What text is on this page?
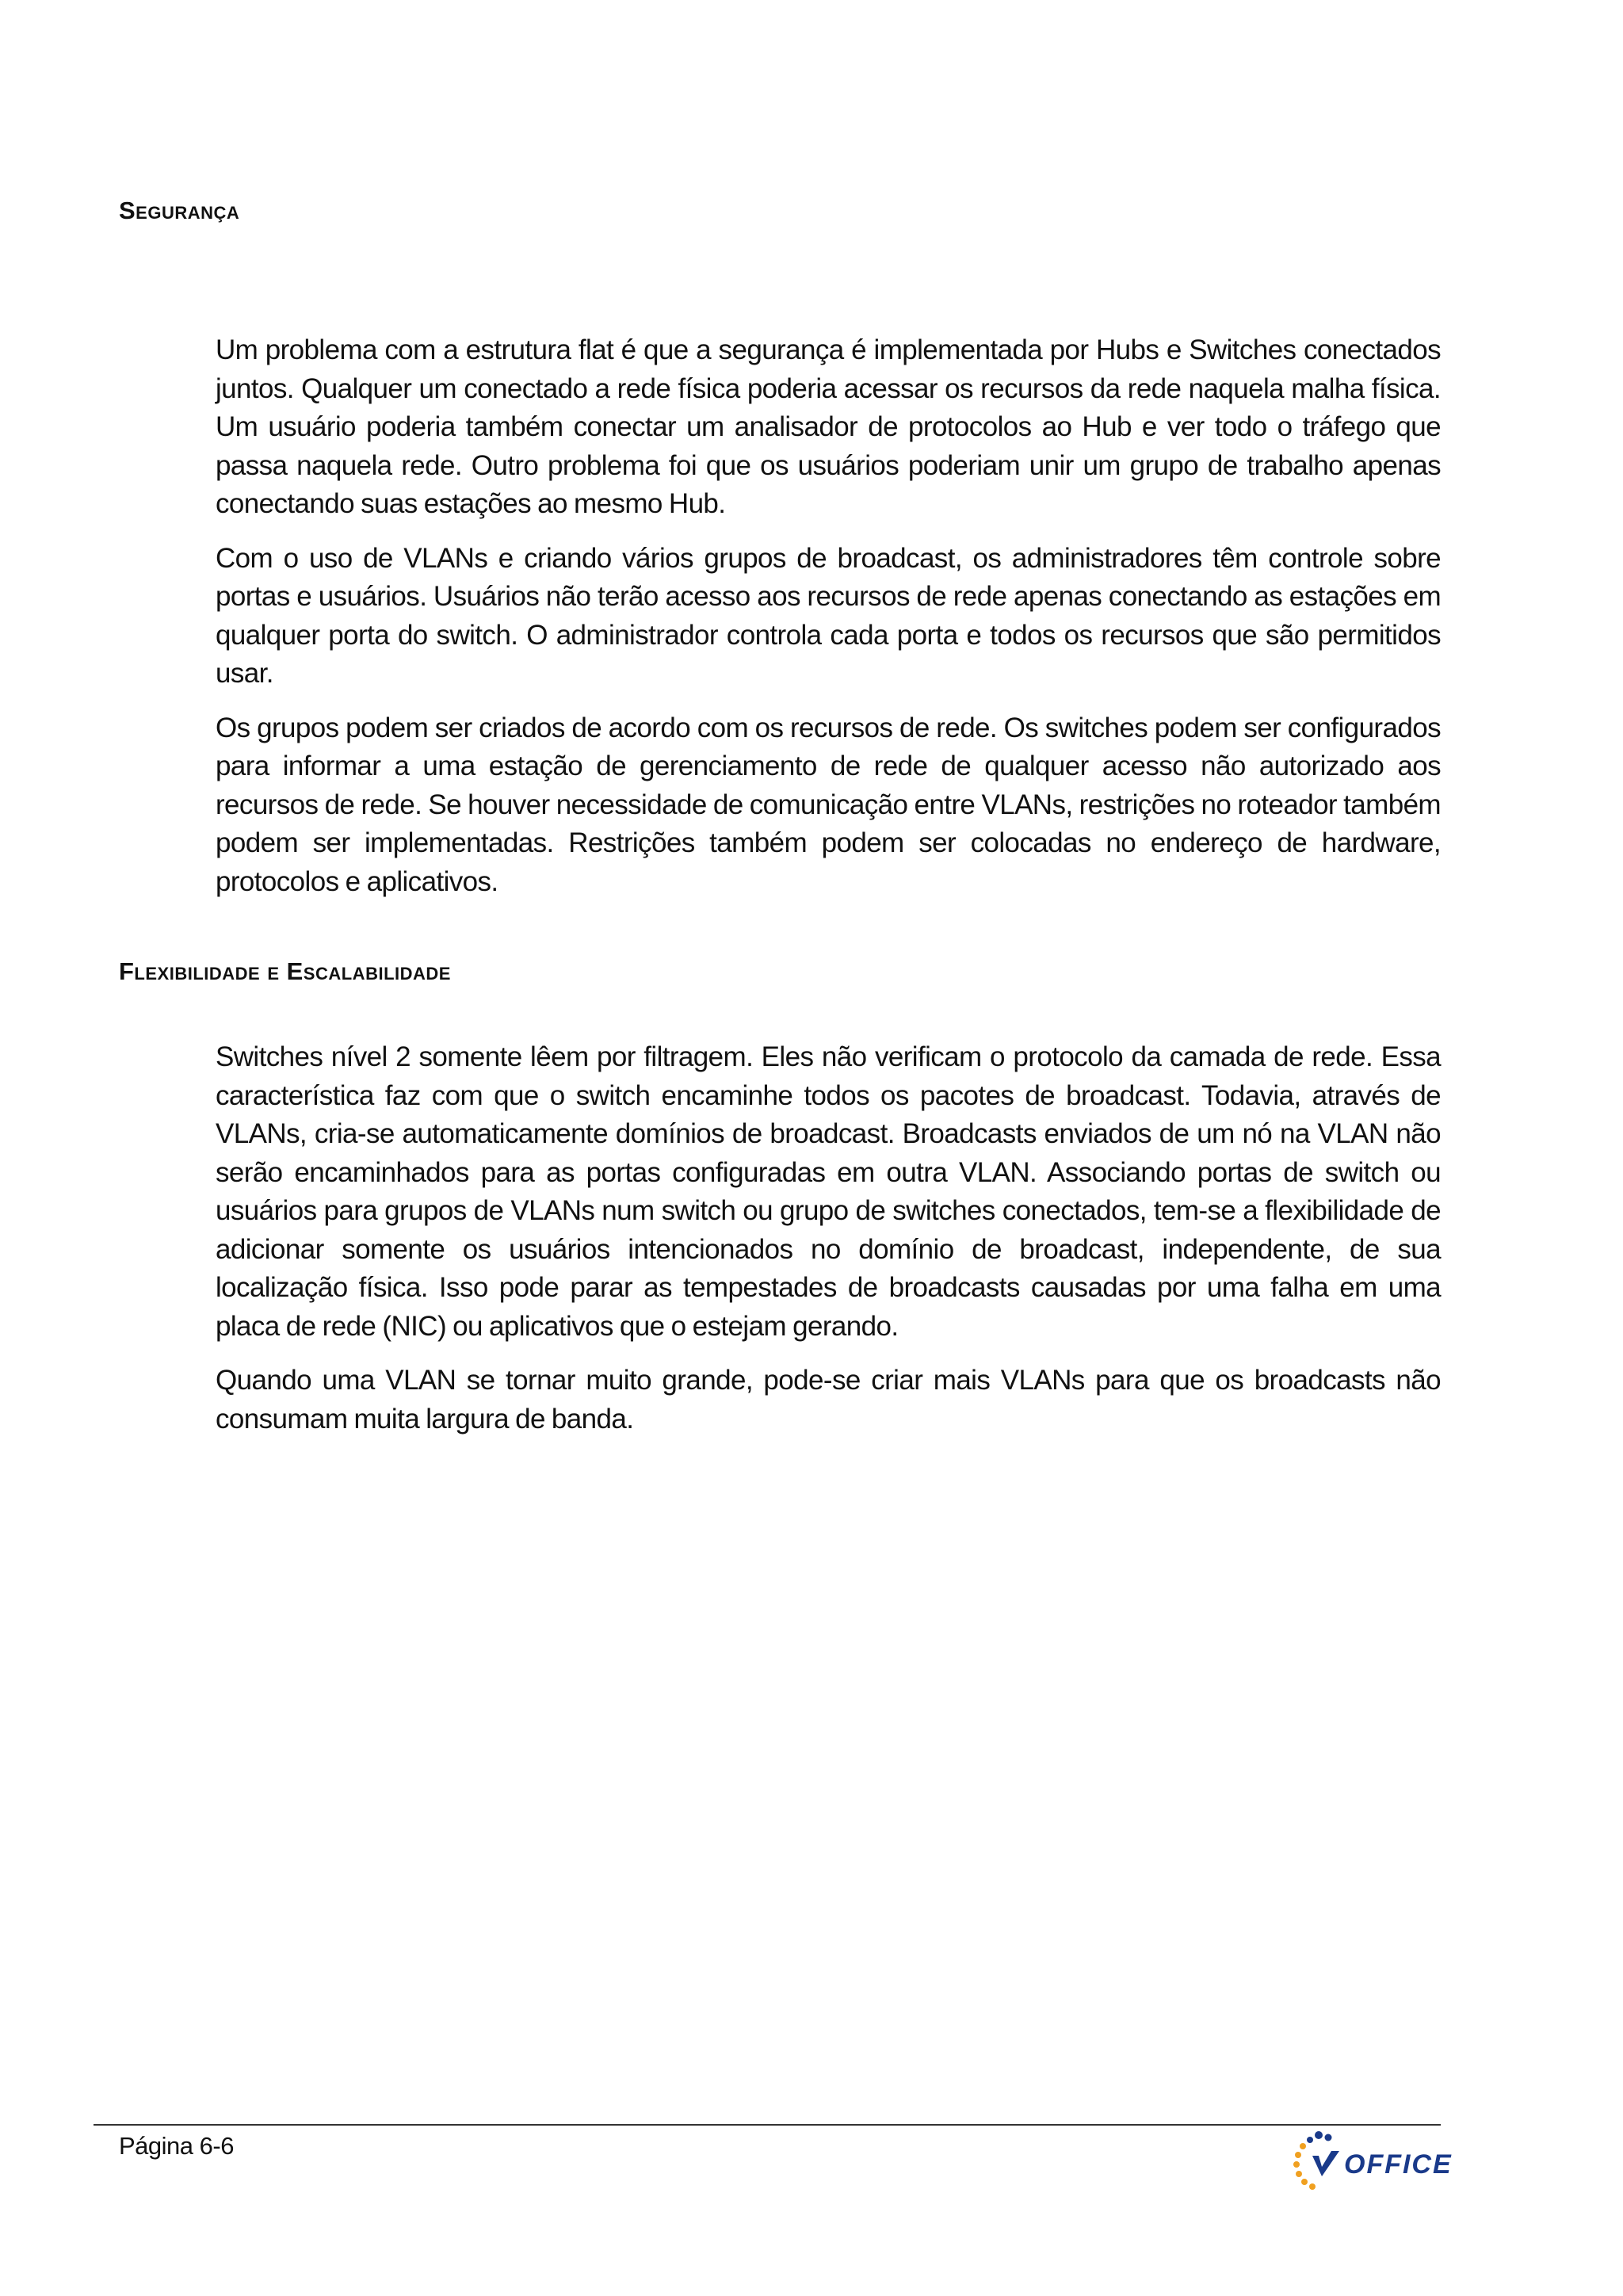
Segurança

Um problema com a estrutura flat é que a segurança é implementada por Hubs e Switches conectados juntos. Qualquer um conectado a rede física poderia acessar os recursos da rede naquela malha física. Um usuário poderia também conectar um analisador de protocolos ao Hub e ver todo o tráfego que passa naquela rede. Outro problema foi que os usuários poderiam unir um grupo de trabalho apenas conectando suas estações ao mesmo Hub.

Com o uso de VLANs e criando vários grupos de broadcast, os administradores têm controle sobre portas e usuários. Usuários não terão acesso aos recursos de rede apenas conectando as estações em qualquer porta do switch. O administrador controla cada porta e todos os recursos que são permitidos usar.

Os grupos podem ser criados de acordo com os recursos de rede. Os switches podem ser configurados para informar a uma estação de gerenciamento de rede de qualquer acesso não autorizado aos recursos de rede. Se houver necessidade de comunicação entre VLANs, restrições no roteador também podem ser implementadas. Restrições também podem ser colocadas no endereço de hardware, protocolos e aplicativos.

Flexibilidade e Escalabilidade

Switches nível 2 somente lêem por filtragem. Eles não verificam o protocolo da camada de rede. Essa característica faz com que o switch encaminhe todos os pacotes de broadcast. Todavia, através de VLANs, cria-se automaticamente domínios de broadcast. Broadcasts enviados de um nó na VLAN não serão encaminhados para as portas configuradas em outra VLAN. Associando portas de switch ou usuários para grupos de VLANs num switch ou grupo de switches conectados, tem-se a flexibilidade de adicionar somente os usuários intencionados no domínio de broadcast, independente, de sua localização física. Isso pode parar as tempestades de broadcasts causadas por uma falha em uma placa de rede (NIC) ou aplicativos que o estejam gerando.

Quando uma VLAN se tornar muito grande, pode-se criar mais VLANs para que os broadcasts não consumam muita largura de banda.

Página 6-6
OFFICE
